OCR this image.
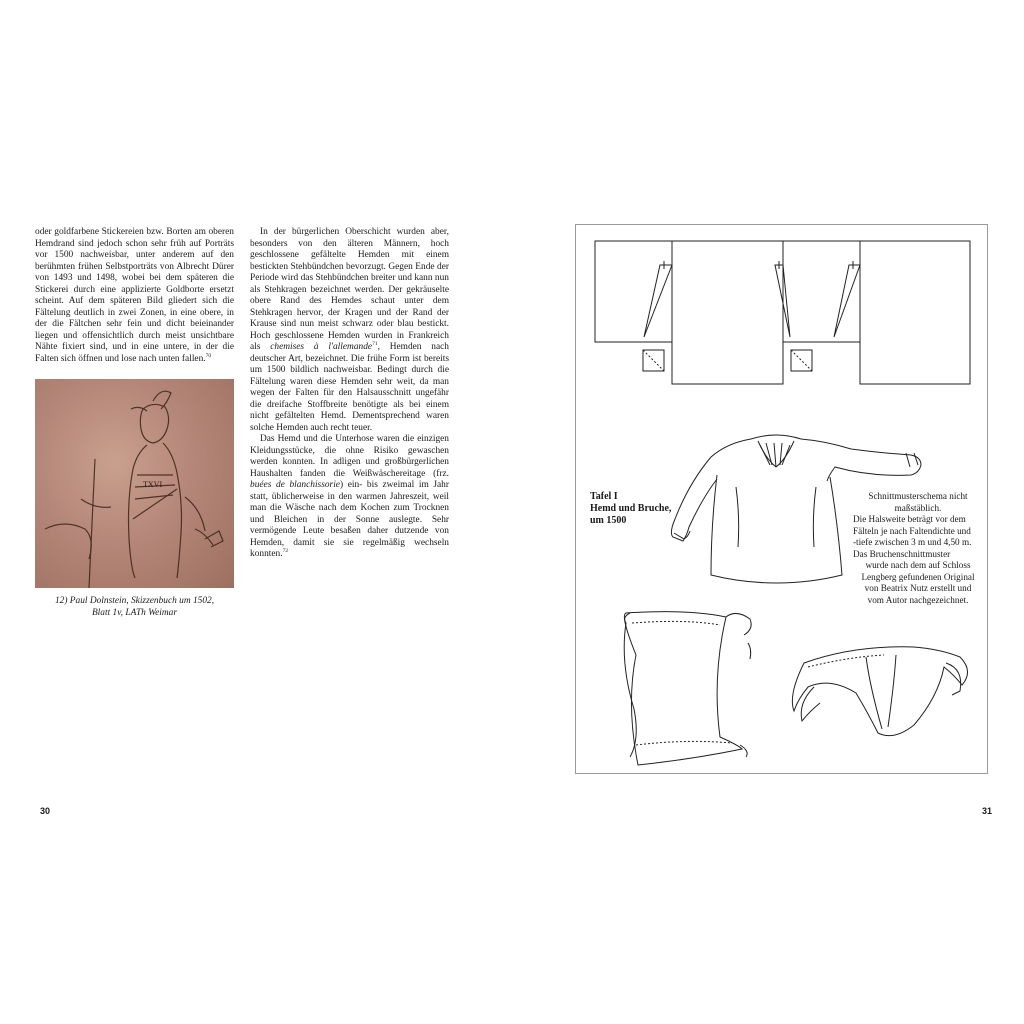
oder goldfarbene Stickereien bzw. Borten am oberen Hemdrand sind jedoch schon sehr früh auf Porträts vor 1500 nachweisbar, unter anderem auf den berühmten frühen Selbstporträts von Albrecht Dürer von 1493 und 1498, wobei bei dem späteren die Stickerei durch eine applizierte Goldborte ersetzt scheint. Auf dem späteren Bild gliedert sich die Fältelung deutlich in zwei Zonen, in eine obere, in der die Fältchen sehr fein und dicht beieinander liegen und offensichtlich durch meist unsichtbare Nähte fixiert sind, und in eine untere, in der die Falten sich öffnen und lose nach unten fallen.$^{70}$

TXVI
12) Paul Dolnstein, Skizzenbuch um 1502,
Blatt 1v, LATh Weimar

In der bürgerlichen Oberschicht wurden aber, besonders von den älteren Männern, hoch geschlossene gefältelte Hemden mit einem bestickten Stehbündchen bevorzugt. Gegen Ende der Periode wird das Stehbündchen breiter und kann nun als Stehkragen bezeichnet werden. Der gekräuselte obere Rand des Hemdes schaut unter dem Stehkragen hervor, der Kragen und der Rand der Krause sind nun meist schwarz oder blau bestickt. Hoch geschlossene Hemden wurden in Frankreich als chemises à l'allemande$^{71}$, Hemden nach deutscher Art, bezeichnet. Die frühe Form ist bereits um 1500 bildlich nachweisbar. Bedingt durch die Fältelung waren diese Hemden sehr weit, da man wegen der Falten für den Halsausschnitt ungefähr die dreifache Stoffbreite benötigte als bei einem nicht gefältelten Hemd. Dementsprechend waren solche Hemden auch recht teuer.

Das Hemd und die Unterhose waren die einzigen Kleidungsstücke, die ohne Risiko gewaschen werden konnten. In adligen und großbürgerlichen Haushalten fanden die Weißwäschereitage (frz. buées de blanchissorie) ein- bis zweimal im Jahr statt, üblicherweise in den warmen Jahreszeit, weil man die Wäsche nach dem Kochen zum Trocknen und Bleichen in der Sonne auslegte. Sehr vermögende Leute besaßen daher dutzende von Hemden, damit sie sie regelmäßig wechseln konnten.$^{72}$

30	31
Tafel I
Hemd und Bruche,
um 1500
Schnittmusterschema nicht
maßstäblich.
Die Halsweite beträgt vor dem
Fälteln je nach Faltendichte und
-tiefe zwischen 3 m und 4,50 m.
Das Bruchenschnittmuster
wurde nach dem auf Schloss
Lengberg gefundenen Original
von Beatrix Nutz erstellt und
vom Autor nachgezeichnet.
